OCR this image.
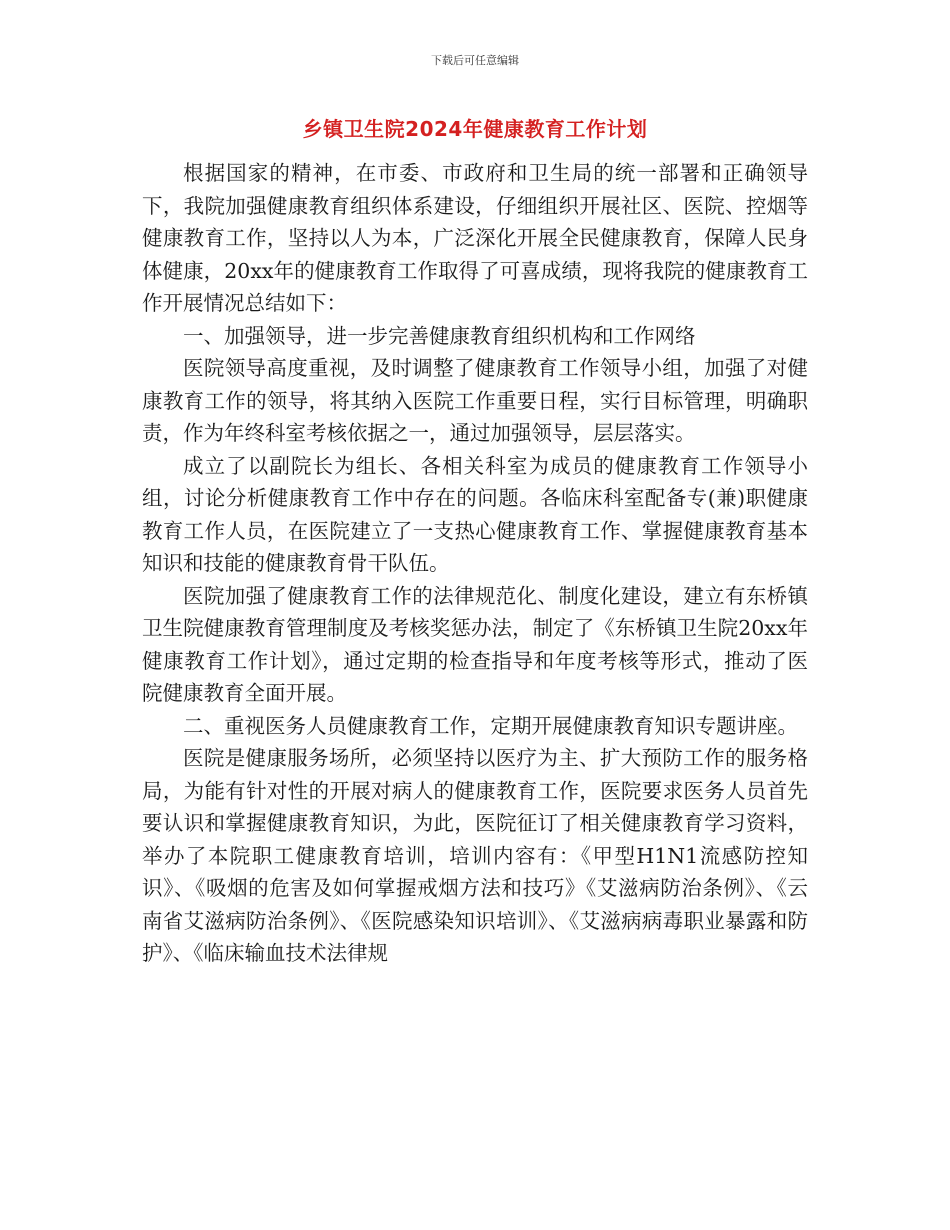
下载后可任意编辑
乡镇卫生院2024年健康教育工作计划

根据国家的精神，在市委、市政府和卫生局的统一部署和正确领导下，我院加强健康教育组织体系建设，仔细组织开展社区、医院、控烟等健康教育工作，坚持以人为本，广泛深化开展全民健康教育，保障人民身体健康，20xx年的健康教育工作取得了可喜成绩，现将我院的健康教育工作开展情况总结如下：

一、加强领导，进一步完善健康教育组织机构和工作网络

医院领导高度重视，及时调整了健康教育工作领导小组，加强了对健康教育工作的领导，将其纳入医院工作重要日程，实行目标管理，明确职责，作为年终科室考核依据之一，通过加强领导，层层落实。

成立了以副院长为组长、各相关科室为成员的健康教育工作领导小组，讨论分析健康教育工作中存在的问题。各临床科室配备专(兼)职健康教育工作人员，在医院建立了一支热心健康教育工作、掌握健康教育基本知识和技能的健康教育骨干队伍。

医院加强了健康教育工作的法律规范化、制度化建设，建立有东桥镇卫生院健康教育管理制度及考核奖惩办法，制定了《东桥镇卫生院20xx年健康教育工作计划》，通过定期的检查指导和年度考核等形式，推动了医院健康教育全面开展。

二、重视医务人员健康教育工作，定期开展健康教育知识专题讲座。

医院是健康服务场所，必须坚持以医疗为主、扩大预防工作的服务格局，为能有针对性的开展对病人的健康教育工作，医院要求医务人员首先要认识和掌握健康教育知识，为此，医院征订了相关健康教育学习资料，举办了本院职工健康教育培训，培训内容有：《甲型H1N1流感防控知识》、《吸烟的危害及如何掌握戒烟方法和技巧》《艾滋病防治条例》、《云南省艾滋病防治条例》、《医院感染知识培训》、《艾滋病病毒职业暴露和防护》、《临床输血技术法律规
